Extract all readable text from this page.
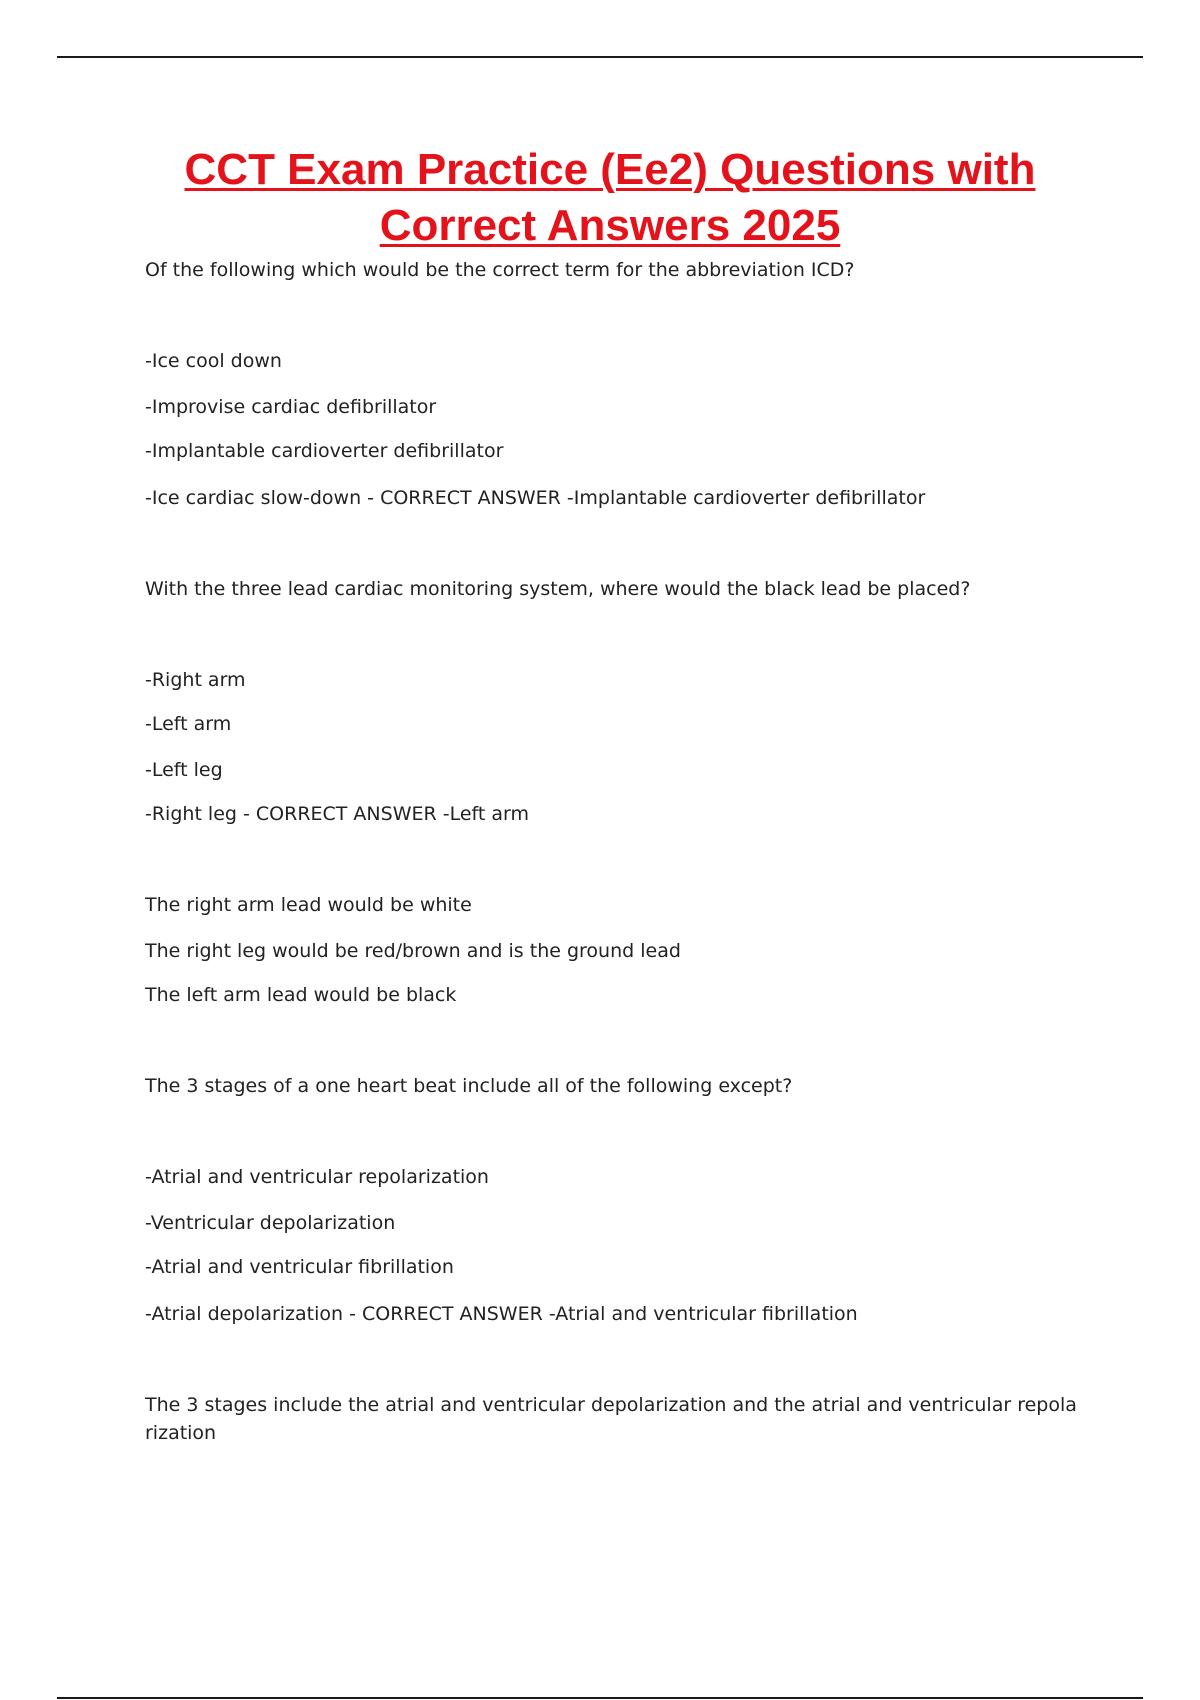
CCT Exam Practice (Ee2) Questions with Correct Answers 2025
Of the following which would be the correct term for the abbreviation ICD?
-Ice cool down
-Improvise cardiac defibrillator
-Implantable cardioverter defibrillator
-Ice cardiac slow-down - CORRECT ANSWER -Implantable cardioverter defibrillator
With the three lead cardiac monitoring system, where would the black lead be placed?
-Right arm
-Left arm
-Left leg
-Right leg - CORRECT ANSWER -Left arm
The right arm lead would be white
The right leg would be red/brown and is the ground lead
The left arm lead would be black
The 3 stages of a one heart beat include all of the following except?
-Atrial and ventricular repolarization
-Ventricular depolarization
-Atrial and ventricular fibrillation
-Atrial depolarization - CORRECT ANSWER -Atrial and ventricular fibrillation
The 3 stages include the atrial and ventricular depolarization and the atrial and ventricular repolarization
